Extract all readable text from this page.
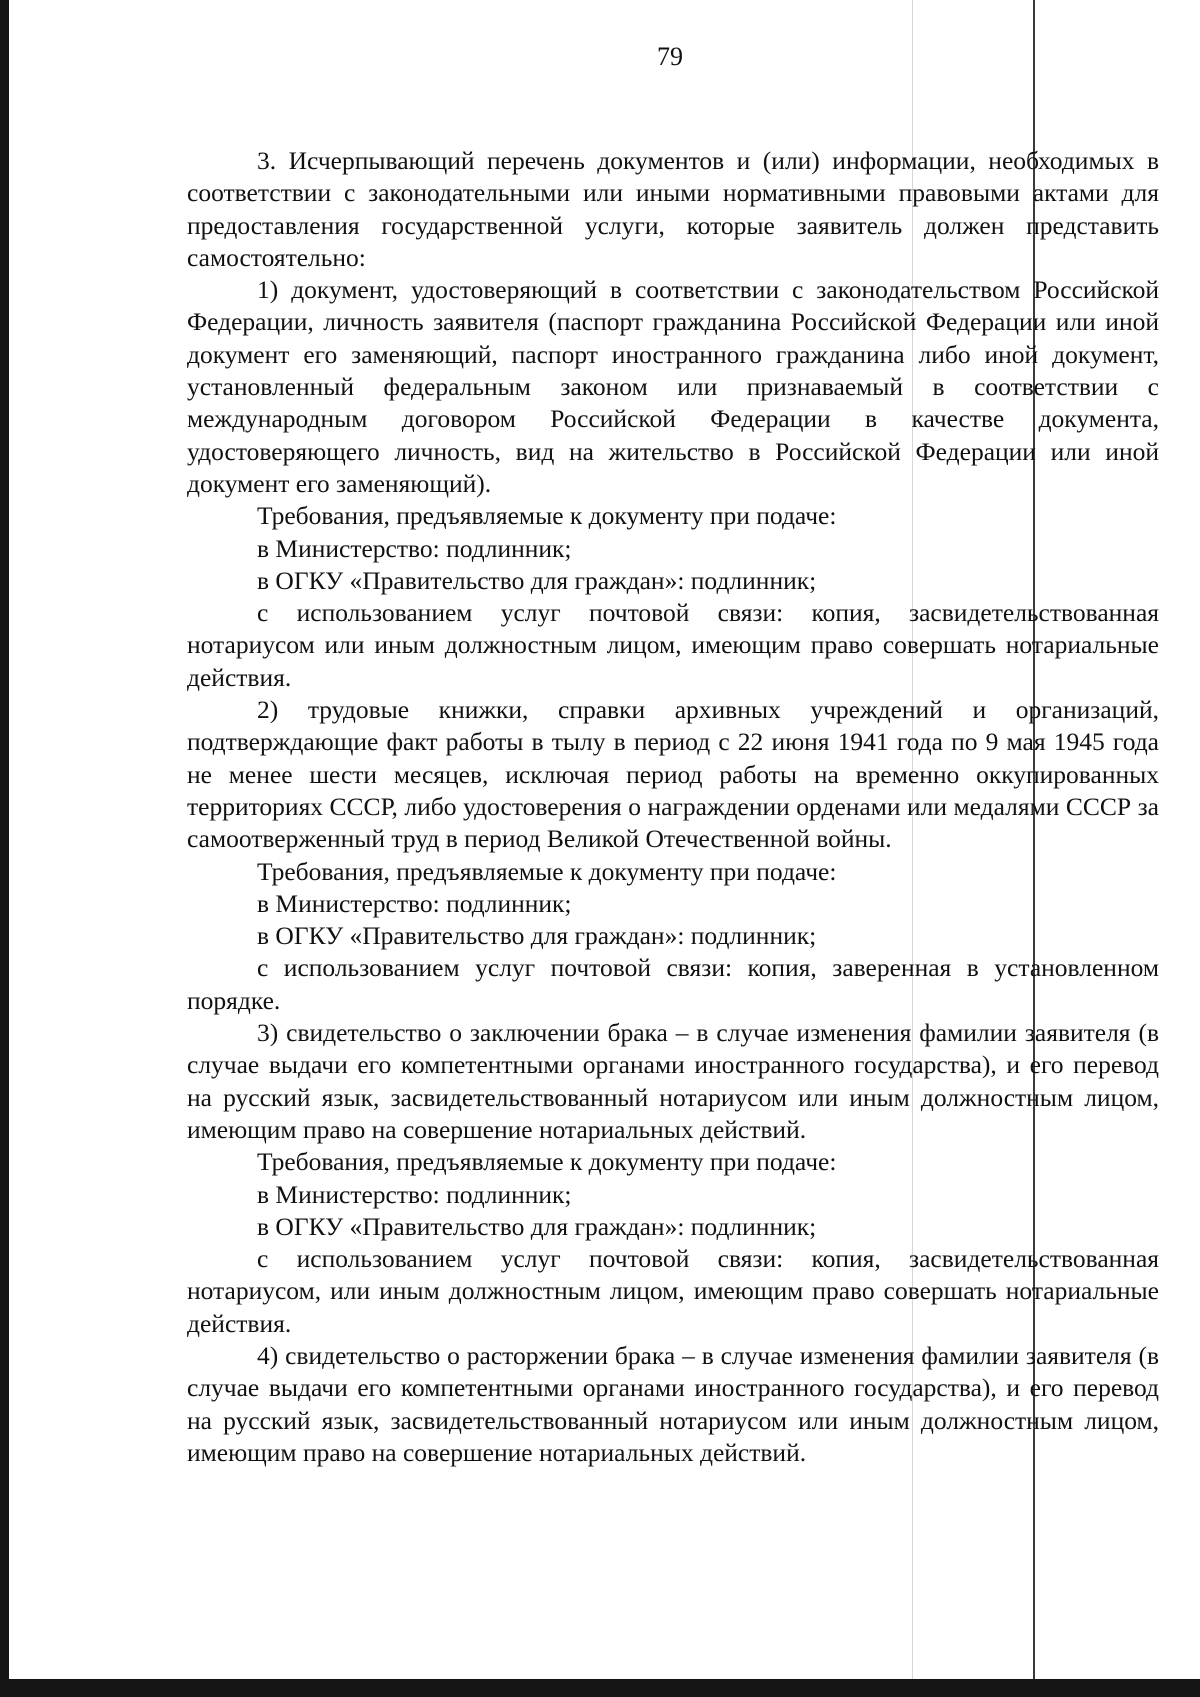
79

3. Исчерпывающий перечень документов и (или) информации, необходимых в соответствии с законодательными или иными нормативными правовыми актами для предоставления государственной услуги, которые заявитель должен представить самостоятельно:

1) документ, удостоверяющий в соответствии с законодательством Российской Федерации, личность заявителя (паспорт гражданина Российской Федерации или иной документ его заменяющий, паспорт иностранного гражданина либо иной документ, установленный федеральным законом или признаваемый в соответствии с международным договором Российской Федерации в качестве документа, удостоверяющего личность, вид на жительство в Российской Федерации или иной документ его заменяющий).

Требования, предъявляемые к документу при подаче:

в Министерство: подлинник;

в ОГКУ «Правительство для граждан»: подлинник;

с использованием услуг почтовой связи: копия, засвидетельствованная нотариусом или иным должностным лицом, имеющим право совершать нотариальные действия.

2) трудовые книжки, справки архивных учреждений и организаций, подтверждающие факт работы в тылу в период с 22 июня 1941 года по 9 мая 1945 года не менее шести месяцев, исключая период работы на временно оккупированных территориях СССР, либо удостоверения о награждении орденами или медалями СССР за самоотверженный труд в период Великой Отечественной войны.

Требования, предъявляемые к документу при подаче:

в Министерство: подлинник;

в ОГКУ «Правительство для граждан»: подлинник;

с использованием услуг почтовой связи: копия, заверенная в установленном порядке.

3) свидетельство о заключении брака – в случае изменения фамилии заявителя (в случае выдачи его компетентными органами иностранного государства), и его перевод на русский язык, засвидетельствованный нотариусом или иным должностным лицом, имеющим право на совершение нотариальных действий.

Требования, предъявляемые к документу при подаче:

в Министерство: подлинник;

в ОГКУ «Правительство для граждан»: подлинник;

с использованием услуг почтовой связи: копия, засвидетельствованная нотариусом, или иным должностным лицом, имеющим право совершать нотариальные действия.

4) свидетельство о расторжении брака – в случае изменения фамилии заявителя (в случае выдачи его компетентными органами иностранного государства), и его перевод на русский язык, засвидетельствованный нотариусом или иным должностным лицом, имеющим право на совершение нотариальных действий.
